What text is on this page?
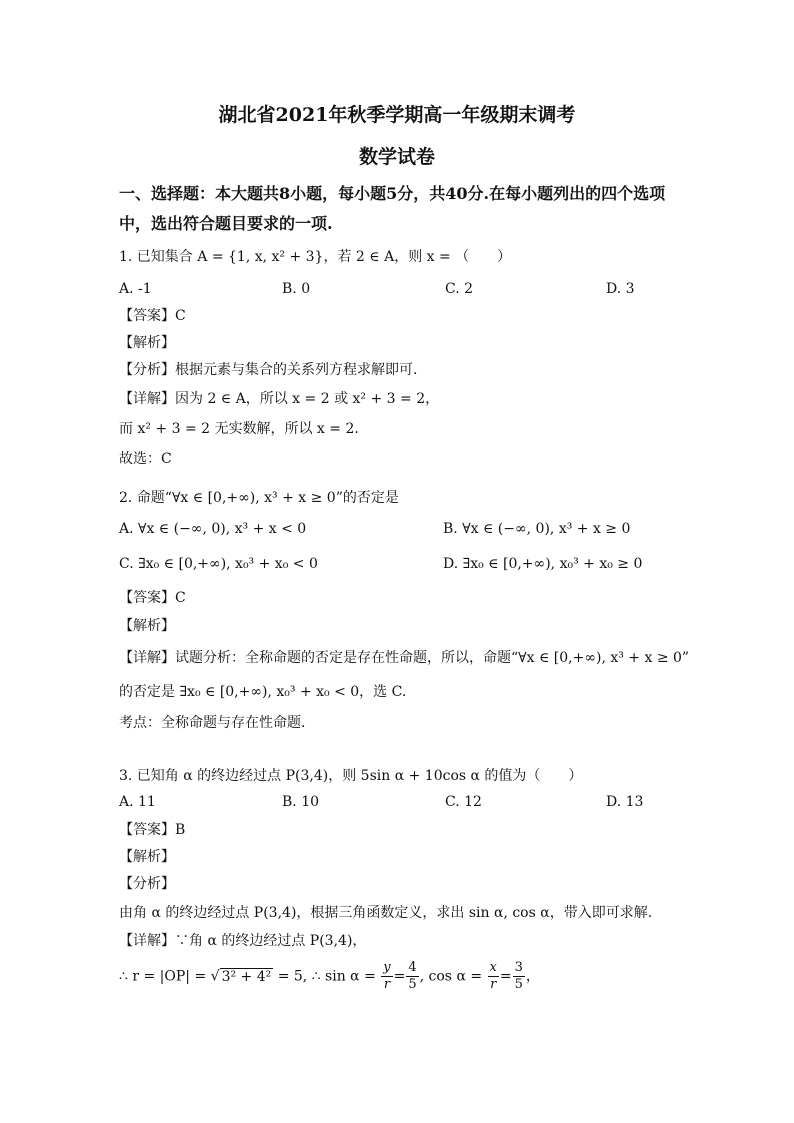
湖北省2021年秋季学期高一年级期末调考
数学试卷
一、选择题：本大题共8小题，每小题5分，共40分.在每小题列出的四个选项
中，选出符合题目要求的一项.
1. 已知集合 A = {1, x, x² + 3}，若 2 ∈ A，则 x = （　　）
A. -1	B. 0	C. 2	D. 3
【答案】C
【解析】
【分析】根据元素与集合的关系列方程求解即可.
【详解】因为 2 ∈ A，所以 x = 2 或 x² + 3 = 2，
而 x² + 3 = 2 无实数解，所以 x = 2.
故选：C
2. 命题“∀x ∈ [0,+∞), x³ + x ≥ 0”的否定是
A. ∀x ∈ (−∞, 0), x³ + x < 0	B. ∀x ∈ (−∞, 0), x³ + x ≥ 0
C. ∃x₀ ∈ [0,+∞), x₀³ + x₀ < 0	D. ∃x₀ ∈ [0,+∞), x₀³ + x₀ ≥ 0
【答案】C
【解析】
【详解】试题分析：全称命题的否定是存在性命题，所以，命题“∀x ∈ [0,+∞), x³ + x ≥ 0”
的否定是 ∃x₀ ∈ [0,+∞), x₀³ + x₀ < 0，选 C.
考点：全称命题与存在性命题.
3. 已知角 α 的终边经过点 P(3,4)，则 5sin α + 10cos α 的值为（　　）
A. 11	B. 10	C. 12	D. 13
【答案】B
【解析】
【分析】
由角 α 的终边经过点 P(3,4)，根据三角函数定义，求出 sin α, cos α，带入即可求解.
【详解】∵角 α 的终边经过点 P(3,4)，
∴ r = |OP| = √ 3² + 4² = 5, ∴ $\sin \alpha = \frac{y}{r} = \frac{4}{5}$ , $\cos \alpha = \frac{x}{r} = \frac{3}{5}$ ，
